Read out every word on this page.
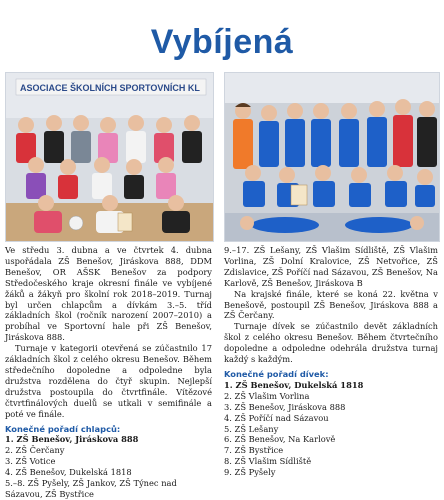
Vybíjená
ASOCIACE ŠKOLNÍCH SPORTOVNÍCH KL

Ve středu 3. dubna a ve čtvrtek 4. dubna uspořádala ZŠ Benešov, Jiráskova 888, DDM Benešov, OR AŠSK Benešov za podpory Středočeského kraje okresní finále ve vybíjené žáků a žákyň pro školní rok 2018–2019. Turnaj byl určen chlapcům a dívkám 3.–5. tříd základních škol (ročník narození 2007–2010) a probíhal ve Sportovní hale při ZŠ Benešov, Jiráskova 888.

Turnaje v kategorii otevřená se zúčastnilo 17 základních škol z celého okresu Benešov. Během středečního dopoledne a odpoledne byla družstva rozdělena do čtyř skupin. Nejlepší družstva postoupila do čtvrtfinále. Vítězové čtvrtfinálových duelů se utkali v semifinále a poté ve finále.

Konečné pořadí chlapců:
1. ZŠ Benešov, Jiráskova 888
2. ZŠ Čerčany
3. ZŠ Votice
4. ZŠ Benešov, Dukelská 1818
5.–8. ZŠ Pyšely, ZŠ Jankov, ZŠ Týnec nad Sázavou, ZŠ Bystřice

9.–17. ZŠ Lešany, ZŠ Vlašim Sídliště, ZŠ Vlašim Vorlina, ZŠ Dolní Kralovice, ZŠ Netvořice, ZŠ Zdislavice, ZŠ Poříčí nad Sázavou, ZŠ Benešov, Na Karlově, ZŠ Benešov, Jiráskova B

Na krajské finále, které se koná 22. května v Benešově, postoupil ZŠ Benešov, Jiráskova 888 a ZŠ Čerčany.

Turnaje dívek se zúčastnilo devět základních škol z celého okresu Benešov. Během čtvrtečního dopoledne a odpoledne odehrála družstva turnaj každý s každým.

Konečné pořadí dívek:
1. ZŠ Benešov, Dukelská 1818
2. ZŠ Vlašim Vorlina
3. ZŠ Benešov, Jiráskova 888
4. ZŠ Poříčí nad Sázavou
5. ZŠ Lešany
6. ZŠ Benešov, Na Karlově
7. ZŠ Bystřice
8. ZŠ Vlašim Sídliště
9. ZŠ Pyšely
